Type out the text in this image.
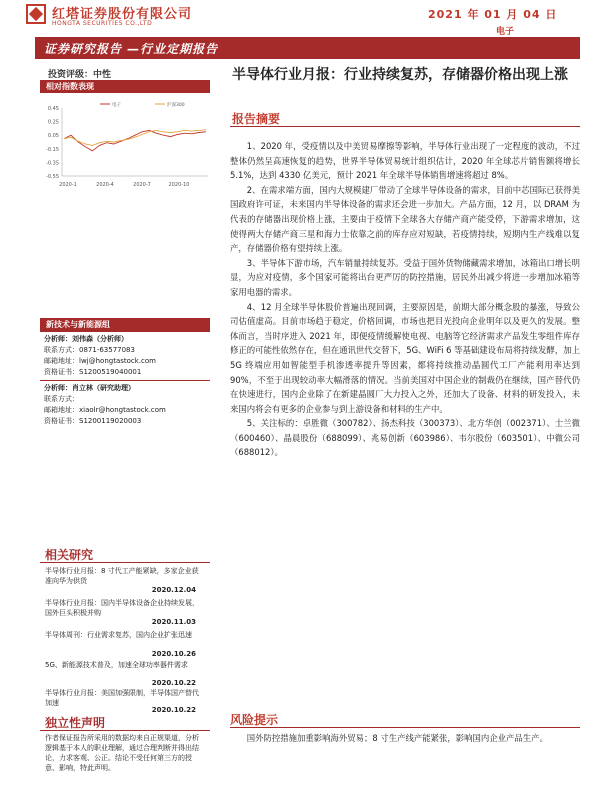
红塔证券股份有限公司
HONGTA SECURITIES CO.,LTD
2021 年 01 月 04 日
电子
证券研究报告 —行业定期报告
投资评级：中性
相对指数表现
电子	沪深300
0.45
0.25
0.05
-0.15
-0.35
-0.55
2020-1	2020-4	2020-7	2020-10
新技术与新能源组
分析师：刘伟森（分析师）
联系方式：0871-63577083
邮箱地址：lwj@hongtastock.com
资格证书：S1200519040001
分析师：肖立林（研究助理）
联系方式：
邮箱地址：xiaolr@hongtastock.com
资格证书：S1200119020003
相关研究
半导体行业月报：8 寸代工产能紧缺，多家企业获准向华为供货
2020.12.04
半导体行业月报：国内半导体设备企业持续发展，国外巨头积极并购
2020.11.03
半导体周刊：行业需求复苏，国内企业扩张迅速
2020.10.26
5G、新能源技术普及，加速全球功率器件需求
2020.10.22
半导体行业月报：美国加强限制，半导体国产替代加速
2020.10.22
独立性声明
作者保证报告所采用的数据均来自正规渠道，分析逻辑基于本人的职业理解，通过合理判断并得出结论，力求客观、公正。结论不受任何第三方的授意、影响，特此声明。
半导体行业月报：行业持续复苏，存储器价格出现上涨
报告摘要

1、2020 年，受疫情以及中美贸易摩擦等影响，半导体行业出现了一定程度的波动，不过整体仍然呈高速恢复的趋势，世界半导体贸易统计组织估计，2020 年全球芯片销售额将增长 5.1%，达到 4330 亿美元，预计 2021 年全球半导体销售增速将超过 8%。

2、在需求端方面，国内大规模建厂带动了全球半导体设备的需求，目前中芯国际已获得美国政府许可证，未来国内半导体设备的需求还会进一步加大。产品方面，12 月，以 DRAM 为代表的存储器出现价格上涨，主要由于疫情下全球各大存储产商产能受停，下游需求增加，这使得两大存储产商三星和海力士依靠之前的库存应对短缺，若疫情持续，短期内生产线难以复产，存储器价格有望持续上涨。

3、半导体下游市场，汽车销量持续复苏。受益于国外货物储藏需求增加，冰箱出口增长明显，为应对疫情，多个国家可能将出台更严厉的防控措施，居民外出减少将进一步增加冰箱等家用电器的需求。

4、12 月全球半导体股价普遍出现回调，主要原因是，前期大部分概念股的暴涨，导致公司估值虚高。目前市场趋于稳定，价格回调，市场也把目光投向企业明年以及更久的发展。整体而言，当时序进入 2021 年，即便疫情缓解使电视、电脑等它经济需求产品发生零组件库存修正的可能性依然存在，但在通讯世代交替下，5G、WiFi 6 等基础建设布局将持续发酵，加上 5G 终端应用如智能型手机渗透率提升等因素，都将持续推动晶圆代工厂产能利用率达到 90%，不至于出现较动率大幅滑落的情况。当前美国对中国企业的制裁仍在继续，国产替代仍在快速进行，国内企业除了在新建晶圆厂大力投入之外，还加大了设备、材料的研发投入，未来国内将会有更多的企业参与到上游设备和材料的生产中。

5、关注标的：卓胜微（300782）、扬杰科技（300373）、北方华创（002371）、士兰微（600460）、晶晨股份（688099）、兆易创新（603986）、韦尔股份（603501）、中微公司（688012）。

风险提示
国外防控措施加重影响海外贸易；8 寸生产线产能紧张，影响国内企业产品生产。
